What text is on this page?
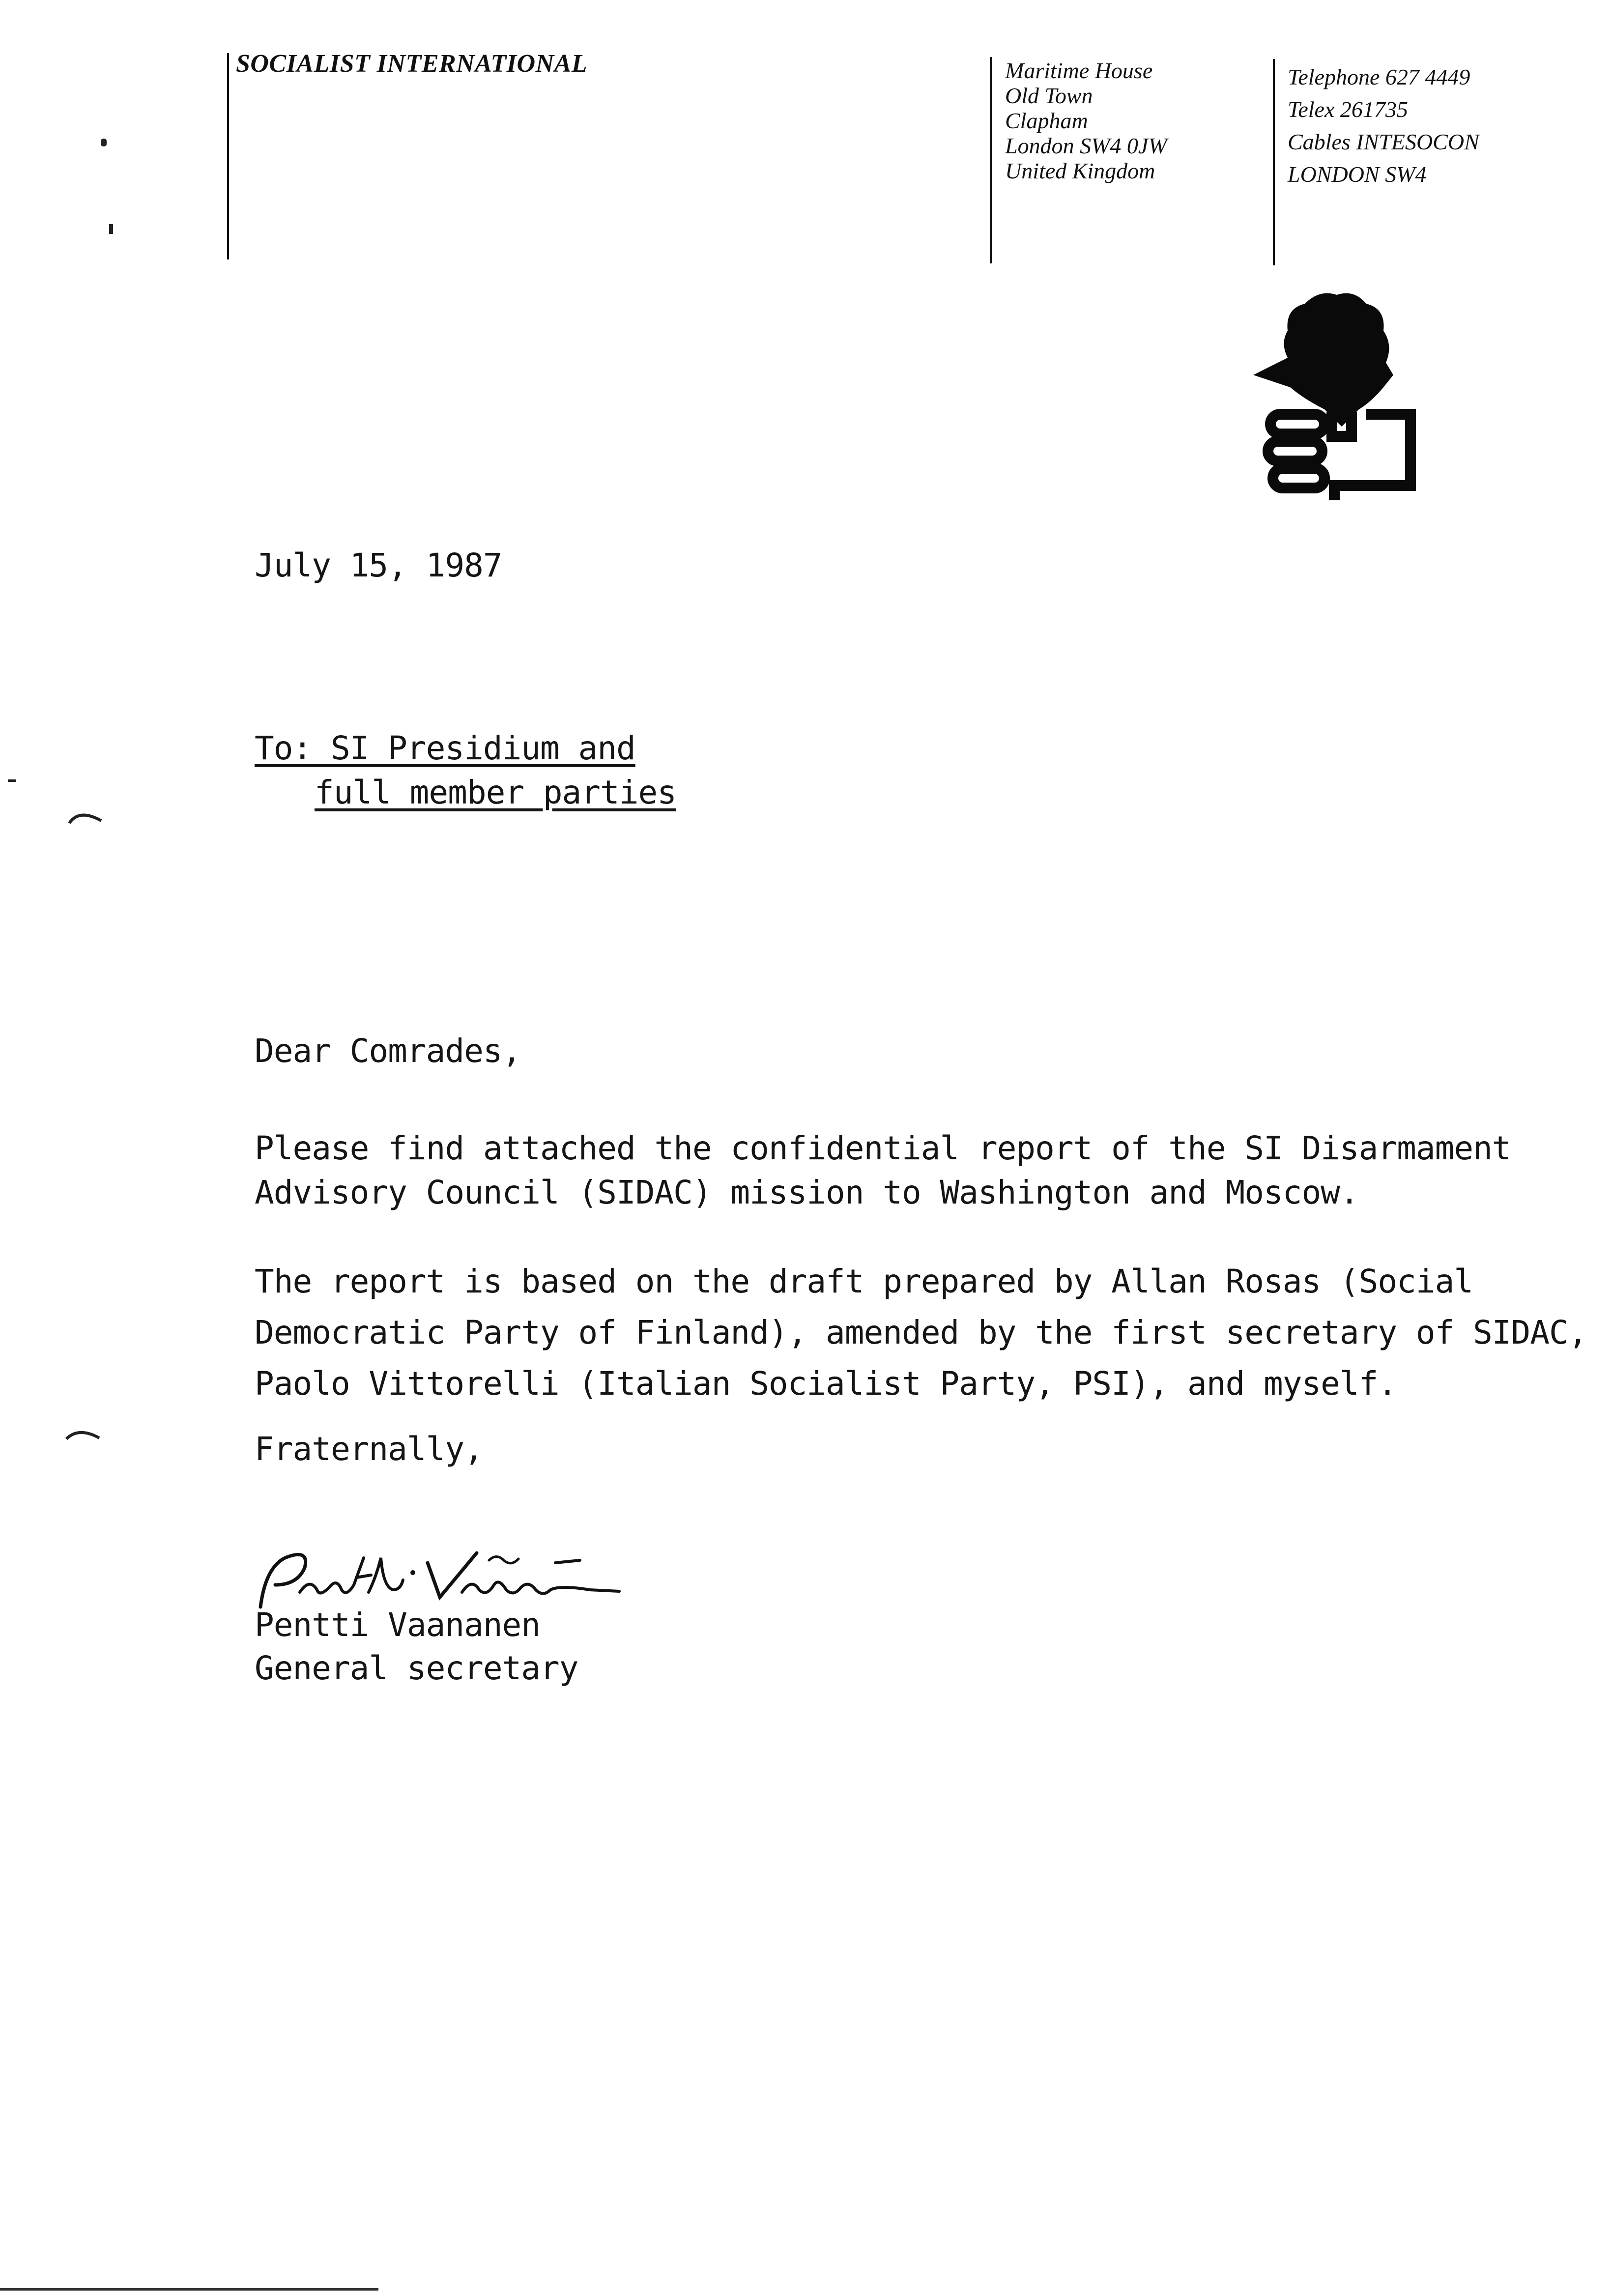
SOCIALIST INTERNATIONAL	Maritime House
Old Town
Clapham
London SW4 0JW
United Kingdom
Telephone 627 4449
Telex 261735
Cables INTESOCON
LONDON SW4
July 15, 1987
To: SI Presidium and
full member parties
Dear Comrades,
Please find attached the confidential report of the SI Disarmament
Advisory Council (SIDAC) mission to Washington and Moscow.
The report is based on the draft prepared by Allan Rosas (Social
Democratic Party of Finland), amended by the first secretary of SIDAC,
Paolo Vittorelli (Italian Socialist Party, PSI), and myself.
Fraternally,
Pentti Vaananen
General secretary
